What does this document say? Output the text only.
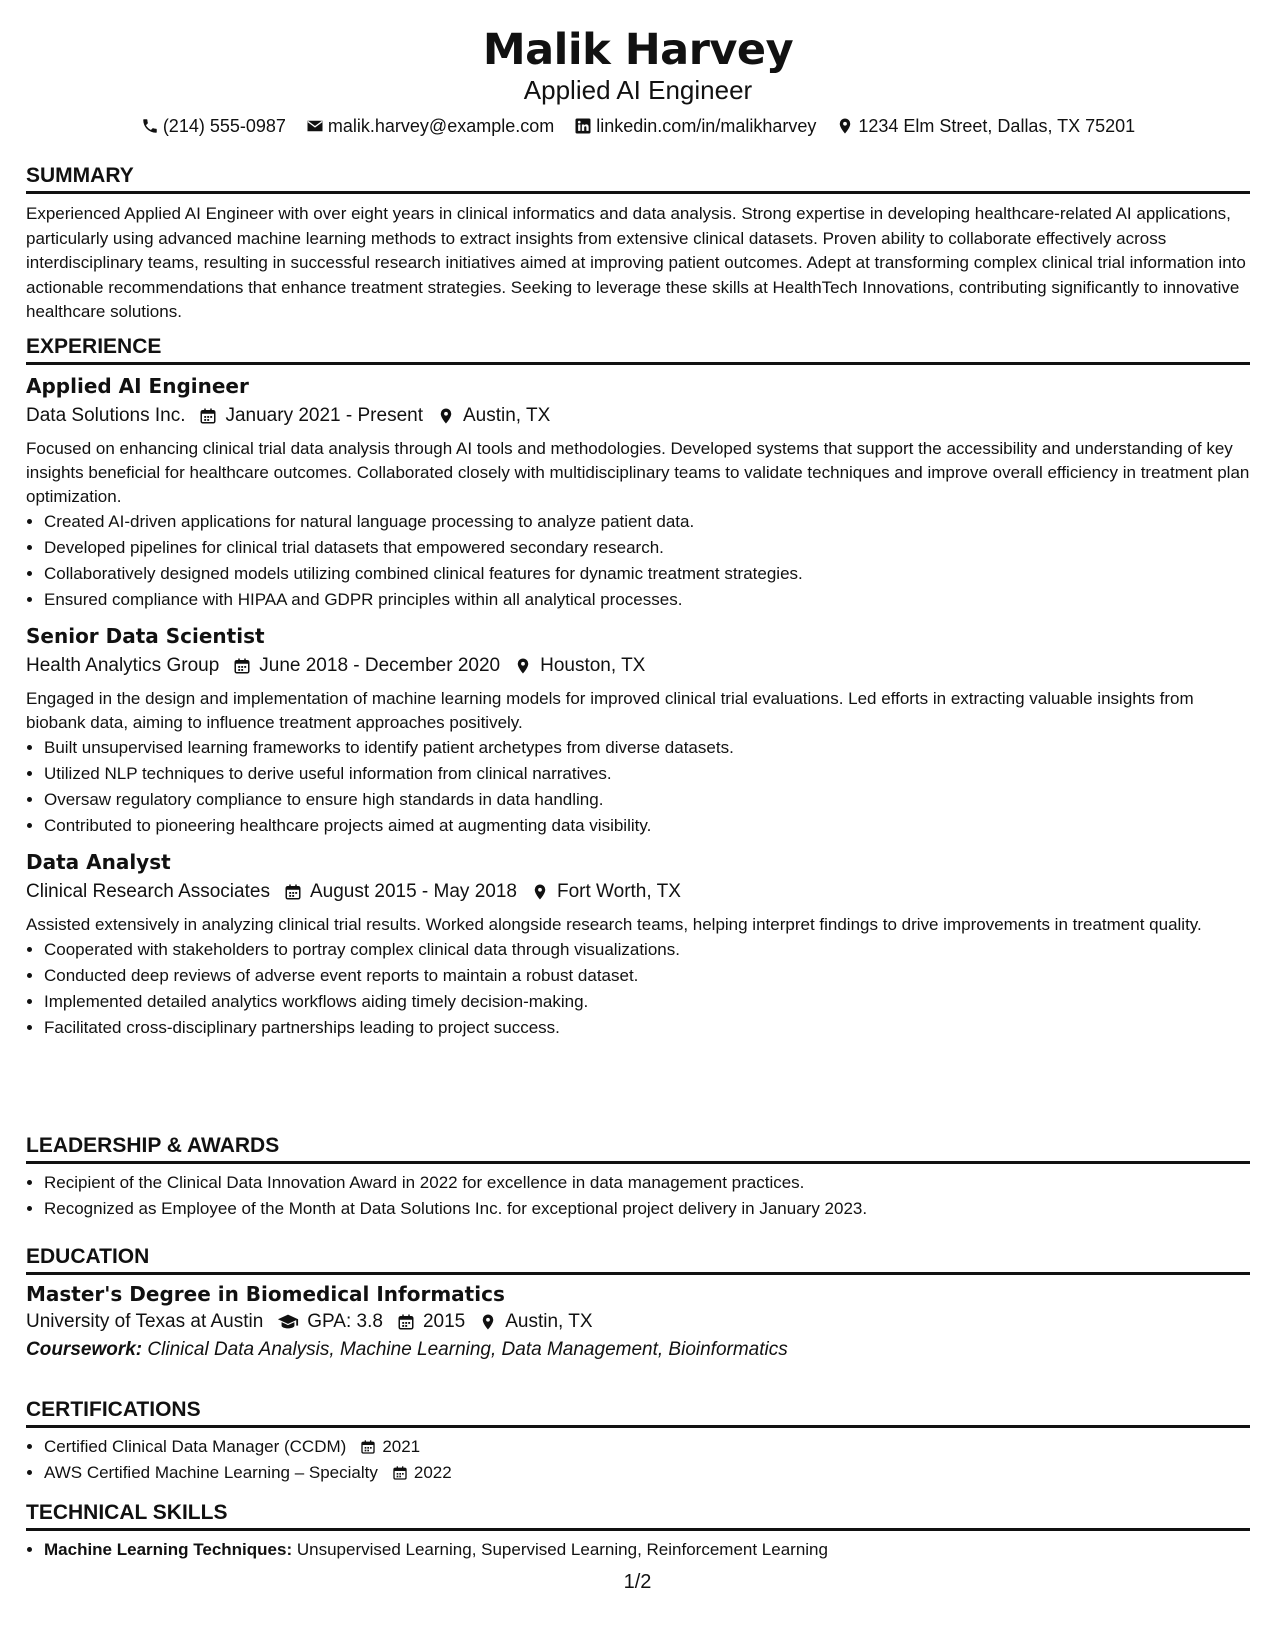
Malik Harvey
Applied AI Engineer
(214) 555-0987 malik.harvey@example.com linkedin.com/in/malikharvey 1234 Elm Street, Dallas, TX 75201
SUMMARY
Experienced Applied AI Engineer with over eight years in clinical informatics and data analysis. Strong expertise in developing healthcare-related AI applications, particularly using advanced machine learning methods to extract insights from extensive clinical datasets. Proven ability to collaborate effectively across interdisciplinary teams, resulting in successful research initiatives aimed at improving patient outcomes. Adept at transforming complex clinical trial information into actionable recommendations that enhance treatment strategies. Seeking to leverage these skills at HealthTech Innovations, contributing significantly to innovative healthcare solutions.
EXPERIENCE
Applied AI Engineer
Data Solutions Inc. January 2021 - Present Austin, TX
Focused on enhancing clinical trial data analysis through AI tools and methodologies. Developed systems that support the accessibility and understanding of key insights beneficial for healthcare outcomes. Collaborated closely with multidisciplinary teams to validate techniques and improve overall efficiency in treatment plan optimization.
• Created AI-driven applications for natural language processing to analyze patient data.
• Developed pipelines for clinical trial datasets that empowered secondary research.
• Collaboratively designed models utilizing combined clinical features for dynamic treatment strategies.
• Ensured compliance with HIPAA and GDPR principles within all analytical processes.
Senior Data Scientist
Health Analytics Group June 2018 - December 2020 Houston, TX
Engaged in the design and implementation of machine learning models for improved clinical trial evaluations. Led efforts in extracting valuable insights from biobank data, aiming to influence treatment approaches positively.
• Built unsupervised learning frameworks to identify patient archetypes from diverse datasets.
• Utilized NLP techniques to derive useful information from clinical narratives.
• Oversaw regulatory compliance to ensure high standards in data handling.
• Contributed to pioneering healthcare projects aimed at augmenting data visibility.
Data Analyst
Clinical Research Associates August 2015 - May 2018 Fort Worth, TX
Assisted extensively in analyzing clinical trial results. Worked alongside research teams, helping interpret findings to drive improvements in treatment quality.
• Cooperated with stakeholders to portray complex clinical data through visualizations.
• Conducted deep reviews of adverse event reports to maintain a robust dataset.
• Implemented detailed analytics workflows aiding timely decision-making.
• Facilitated cross-disciplinary partnerships leading to project success.
LEADERSHIP & AWARDS
• Recipient of the Clinical Data Innovation Award in 2022 for excellence in data management practices.
• Recognized as Employee of the Month at Data Solutions Inc. for exceptional project delivery in January 2023.
EDUCATION
Master's Degree in Biomedical Informatics
University of Texas at Austin GPA: 3.8 2015 Austin, TX
Coursework: Clinical Data Analysis, Machine Learning, Data Management, Bioinformatics
CERTIFICATIONS
• Certified Clinical Data Manager (CCDM) 2021
• AWS Certified Machine Learning – Specialty 2022
TECHNICAL SKILLS
• Machine Learning Techniques: Unsupervised Learning, Supervised Learning, Reinforcement Learning
1/2
